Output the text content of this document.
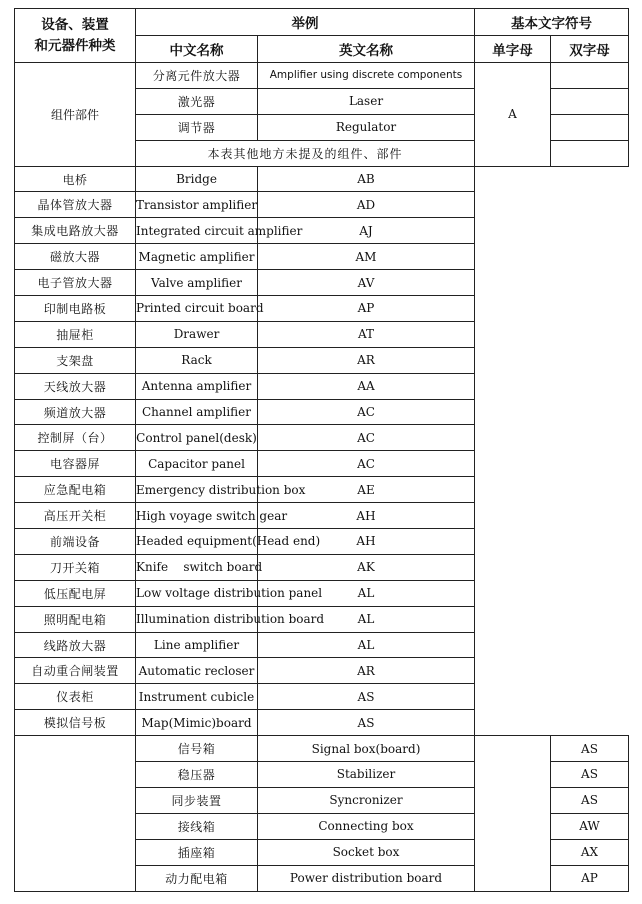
设备、装置
和元器件种类	举例		基本文字符号	
	中文名称	英文名称	单字母	双字母
组件部件	分离元件放大器	Amplifier using discrete components	A	
	激光器	Laser		
	调节器	Regulator		
	本表其他地方未提及的组件、部件			
电桥	Bridge	AB		
晶体管放大器	Transistor amplifier	AD		
集成电路放大器	Integrated circuit amplifier	AJ		
磁放大器	Magnetic amplifier	AM		
电子管放大器	Valve amplifier	AV		
印制电路板	Printed circuit board	AP		
抽屉柜	Drawer	AT		
支架盘	Rack	AR		
天线放大器	Antenna amplifier	AA		
频道放大器	Channel amplifier	AC		
控制屏（台）	Control panel(desk)	AC		
电容器屏	Capacitor panel	AC		
应急配电箱	Emergency distribution box	AE		
高压开关柜	High voyage switch gear	AH		
前端设备	Headed equipment(Head end)	AH		
刀开关箱	Knife    switch board	AK		
低压配电屏	Low voltage distribution panel	AL		
照明配电箱	Illumination distribution board	AL		
线路放大器	Line amplifier	AL		
自动重合闸装置	Automatic recloser	AR		
仪表柜	Instrument cubicle	AS		
模拟信号板	Map(Mimic)board	AS		
	信号箱	Signal box(board)		AS
	稳压器	Stabilizer		AS
	同步装置	Syncronizer		AS
	接线箱	Connecting box		AW
	插座箱	Socket box		AX
	动力配电箱	Power distribution board		AP
